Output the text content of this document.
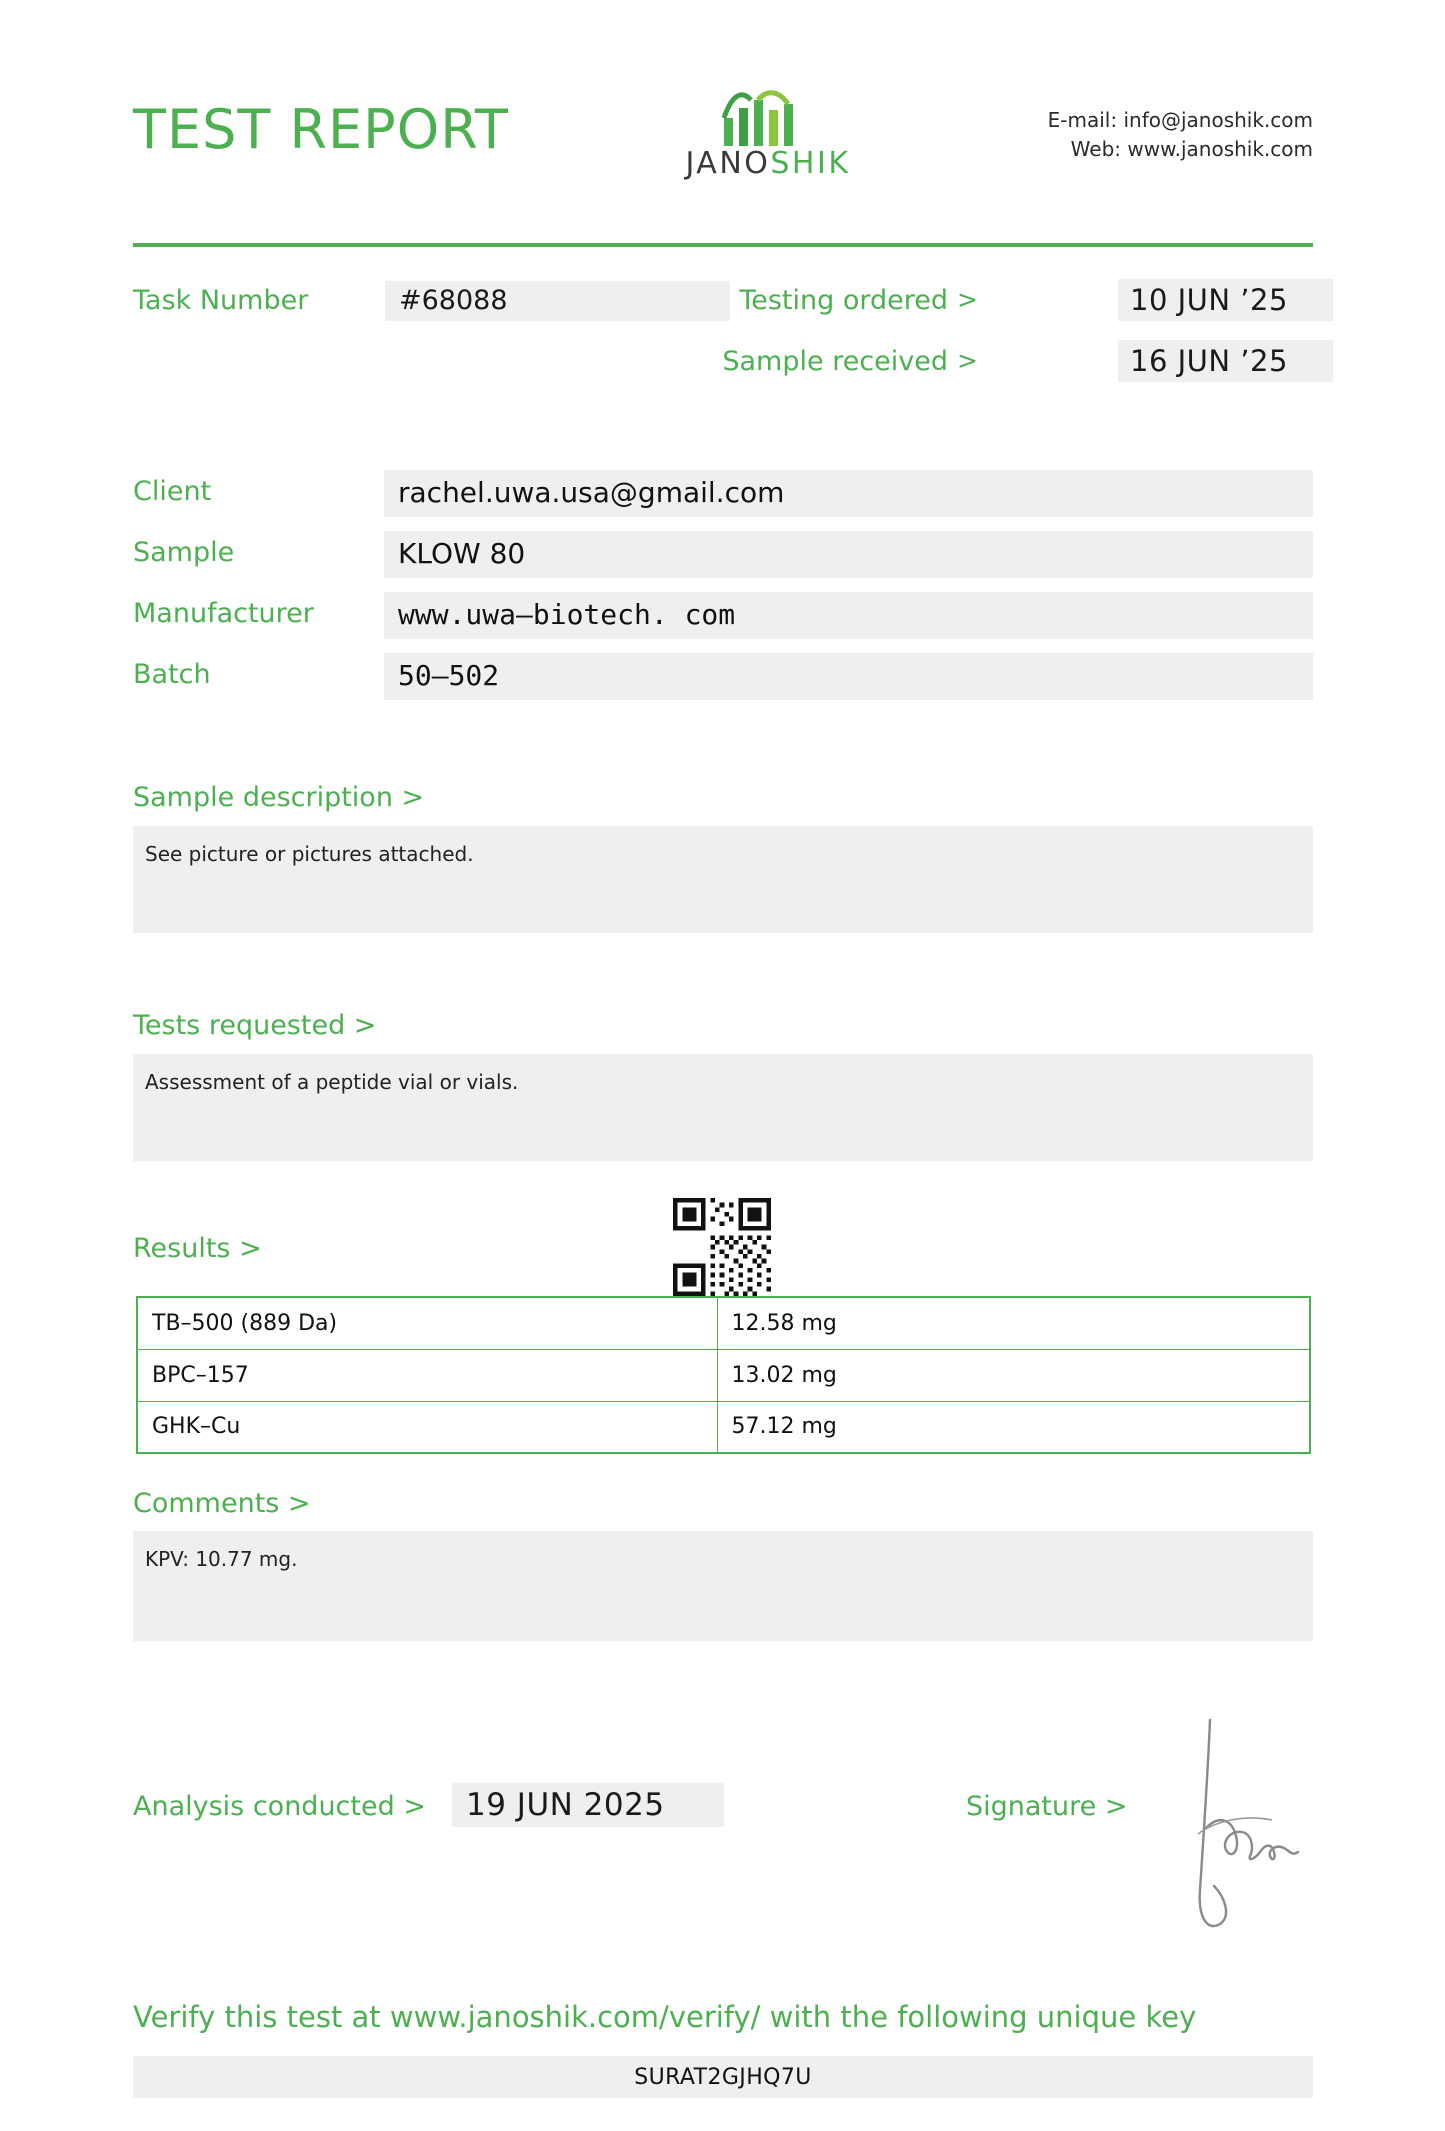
TEST REPORT
JANOSHIK
E-mail: info@janoshik.com
Web: www.janoshik.com
Task Number	#68088	Testing ordered >	10 JUN ’25
Sample received >	16 JUN ’25
Client	rachel.uwa.usa@gmail.com
Sample	KLOW 80
Manufacturer	www.uwa–biotech. com
Batch	50–502
Sample description >
See picture or pictures attached.
Tests requested >
Assessment of a peptide vial or vials.
Results >
TB–500 (889 Da)	12.58 mg
BPC–157	13.02 mg
GHK–Cu	57.12 mg
Comments >
KPV: 10.77 mg.
Analysis conducted >	19 JUN 2025	Signature >
Verify this test at www.janoshik.com/verify/ with the following unique key
SURAT2GJHQ7U
